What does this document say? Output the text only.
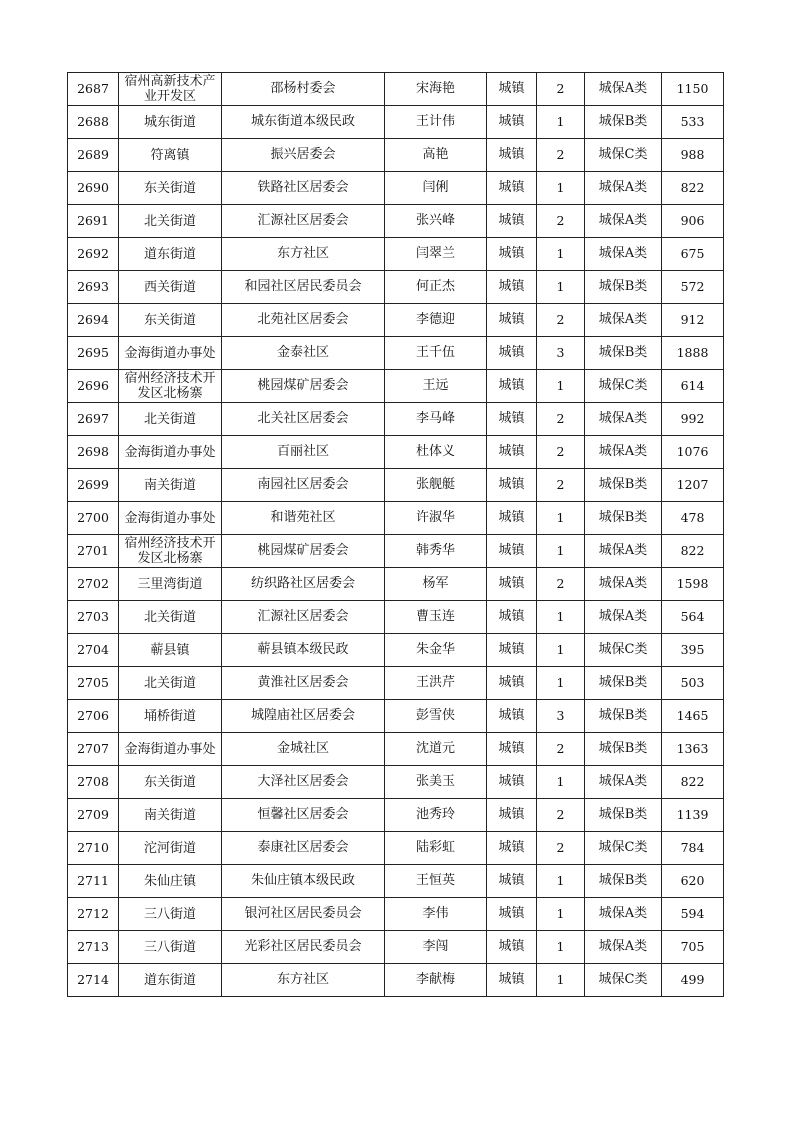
2687	宿州高新技术产业开发区	邵杨村委会	宋海艳	城镇	2	城保A类	1150
2688	城东街道	城东街道本级民政	王计伟	城镇	1	城保B类	533
2689	符离镇	振兴居委会	高艳	城镇	2	城保C类	988
2690	东关街道	铁路社区居委会	闫俐	城镇	1	城保A类	822
2691	北关街道	汇源社区居委会	张兴峰	城镇	2	城保A类	906
2692	道东街道	东方社区	闫翠兰	城镇	1	城保A类	675
2693	西关街道	和园社区居民委员会	何正杰	城镇	1	城保B类	572
2694	东关街道	北苑社区居委会	李德迎	城镇	2	城保A类	912
2695	金海街道办事处	金泰社区	王千伍	城镇	3	城保B类	1888
2696	宿州经济技术开发区北杨寨	桃园煤矿居委会	王远	城镇	1	城保C类	614
2697	北关街道	北关社区居委会	李马峰	城镇	2	城保A类	992
2698	金海街道办事处	百丽社区	杜体义	城镇	2	城保A类	1076
2699	南关街道	南园社区居委会	张舰艇	城镇	2	城保B类	1207
2700	金海街道办事处	和谐苑社区	许淑华	城镇	1	城保B类	478
2701	宿州经济技术开发区北杨寨	桃园煤矿居委会	韩秀华	城镇	1	城保A类	822
2702	三里湾街道	纺织路社区居委会	杨军	城镇	2	城保A类	1598
2703	北关街道	汇源社区居委会	曹玉连	城镇	1	城保A类	564
2704	蕲县镇	蕲县镇本级民政	朱金华	城镇	1	城保C类	395
2705	北关街道	黄淮社区居委会	王洪芹	城镇	1	城保B类	503
2706	埇桥街道	城隍庙社区居委会	彭雪侠	城镇	3	城保B类	1465
2707	金海街道办事处	金城社区	沈道元	城镇	2	城保B类	1363
2708	东关街道	大泽社区居委会	张美玉	城镇	1	城保A类	822
2709	南关街道	恒馨社区居委会	池秀玲	城镇	2	城保B类	1139
2710	沱河街道	泰康社区居委会	陆彩虹	城镇	2	城保C类	784
2711	朱仙庄镇	朱仙庄镇本级民政	王恒英	城镇	1	城保B类	620
2712	三八街道	银河社区居民委员会	李伟	城镇	1	城保A类	594
2713	三八街道	光彩社区居民委员会	李闯	城镇	1	城保A类	705
2714	道东街道	东方社区	李献梅	城镇	1	城保C类	499
